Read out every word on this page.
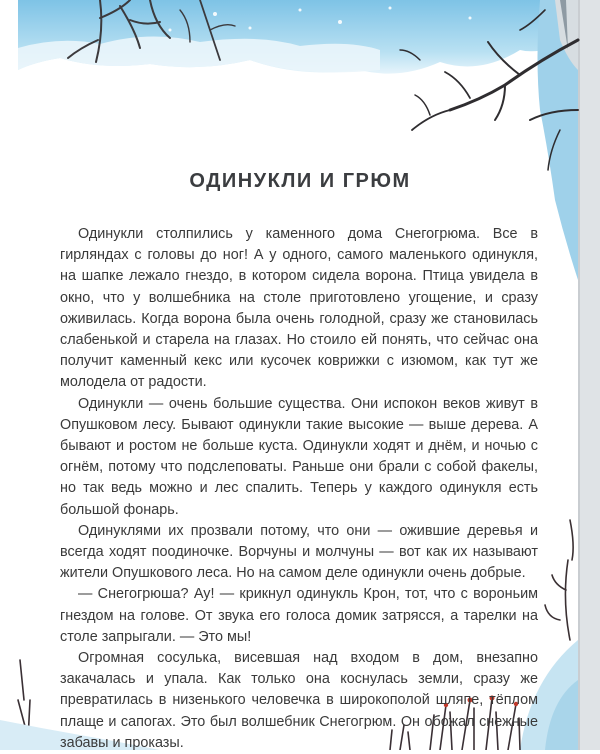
ОДИНУКЛИ И ГРЮМ

Одинукли столпились у каменного дома Снегогрюма. Все в гирляндах с головы до ног! А у одного, самого маленького одинукля, на шапке лежало гнездо, в котором сидела ворона. Птица увидела в окно, что у волшебника на столе приготовлено угощение, и сразу оживилась. Когда ворона была очень голодной, сразу же становилась слабенькой и старела на глазах. Но стоило ей понять, что сейчас она получит каменный кекс или кусочек коврижки с изюмом, как тут же молодела от радости.

Одинукли — очень большие существа. Они испокон веков живут в Опушковом лесу. Бывают одинукли такие высокие — выше дерева. А бывают и ростом не больше куста. Одинукли ходят и днём, и ночью с огнём, потому что подслеповаты. Раньше они брали с собой факелы, но так ведь можно и лес спалить. Теперь у каждого одинукля есть большой фонарь.

Одинуклями их прозвали потому, что они — ожившие деревья и всегда ходят поодиночке. Ворчуны и молчуны — вот как их называют жители Опушкового леса. Но на самом деле одинукли очень добрые.

— Снегогрюша? Ау! — крикнул одинукль Крон, тот, что с вороньим гнездом на голове. От звука его голоса домик затрясся, а тарелки на столе запрыгали. — Это мы!

Огромная сосулька, висевшая над входом в дом, внезапно закачалась и упала. Как только она коснулась земли, сразу же превратилась в низенького человечка в широкополой шляпе, тёплом плаще и сапогах. Это был волшебник Снегогрюм. Он обожал снежные забавы и проказы.
